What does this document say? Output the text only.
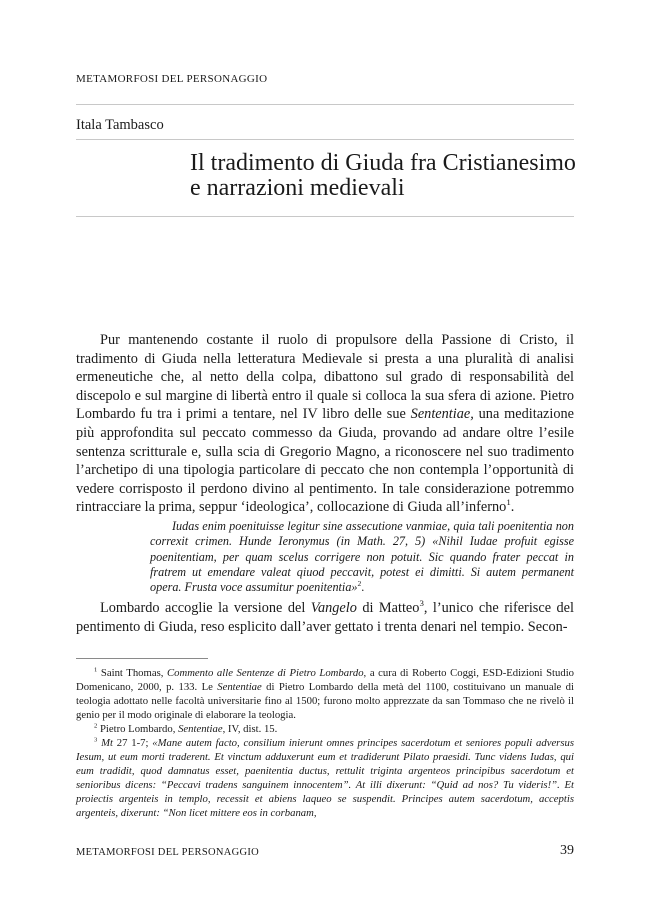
METAMORFOSI DEL PERSONAGGIO
Itala Tambasco
Il tradimento di Giuda fra Cristianesimo
e narrazioni medievali

Pur mantenendo costante il ruolo di propulsore della Passione di Cristo, il tradimento di Giuda nella letteratura Medievale si presta a una pluralità di analisi ermeneutiche che, al netto della colpa, dibattono sul grado di responsabilità del discepolo e sul margine di libertà entro il quale si colloca la sua sfera di azione. Pietro Lombardo fu tra i primi a tentare, nel IV libro delle sue Sententiae, una meditazione più approfondita sul peccato commesso da Giuda, provando ad andare oltre l’esile sentenza scritturale e, sulla scia di Gregorio Magno, a riconoscere nel suo tradimento l’archetipo di una tipologia particolare di peccato che non contempla l’opportunità di vedere corrisposto il perdono divino al pentimento. In tale considerazione potremmo rintracciare la prima, seppur ‘ideologica’, collocazione di Giuda all’inferno$^1$.

Iudas enim poenituisse legitur sine assecutione vanmiae, quia tali poenitentia non correxit crimen. Hunde Ieronymus (in Math. 27, 5) «Nihil Iudae profuit egisse poenitentiam, per quam scelus corrigere non potuit. Sic quando frater peccat in fratrem ut emendare valeat qiuod peccavit, potest ei dimitti. Si autem permanent opera. Frusta voce assumitur poenitentia»$^2$.

Lombardo accoglie la versione del Vangelo di Matteo$^3$, l’unico che riferisce del pentimento di Giuda, reso esplicito dall’aver gettato i trenta denari nel tempio. Secon-

$^1$ Saint Thomas, Commento alle Sentenze di Pietro Lombardo, a cura di Roberto Coggi, ESD-Edizioni Studio Domenicano, 2000, p. 133. Le Sententiae di Pietro Lombardo della metà del 1100, costituivano un manuale di teologia adottato nelle facoltà universitarie fino al 1500; furono molto apprezzate da san Tommaso che ne rivelò il genio per il modo originale di elaborare la teologia.

$^2$ Pietro Lombardo, Sententiae, IV, dist. 15.

$^3$ Mt 27 1-7; «Mane autem facto, consilium inierunt omnes principes sacerdotum et seniores populi adversus Iesum, ut eum morti traderent. Et vinctum adduxerunt eum et tradiderunt Pilato praesidi. Tunc videns Iudas, qui eum tradidit, quod damnatus esset, paenitentia ductus, rettulit triginta argenteos principibus sacerdotum et senioribus dicens: “Peccavi tradens sanguinem innocentem”. At illi dixerunt: “Quid ad nos? Tu videris!”. Et proiectis argenteis in templo, recessit et abiens laqueo se suspendit. Principes autem sacerdotum, acceptis argenteis, dixerunt: “Non licet mittere eos in corbanam,

METAMORFOSI DEL PERSONAGGIO	39
